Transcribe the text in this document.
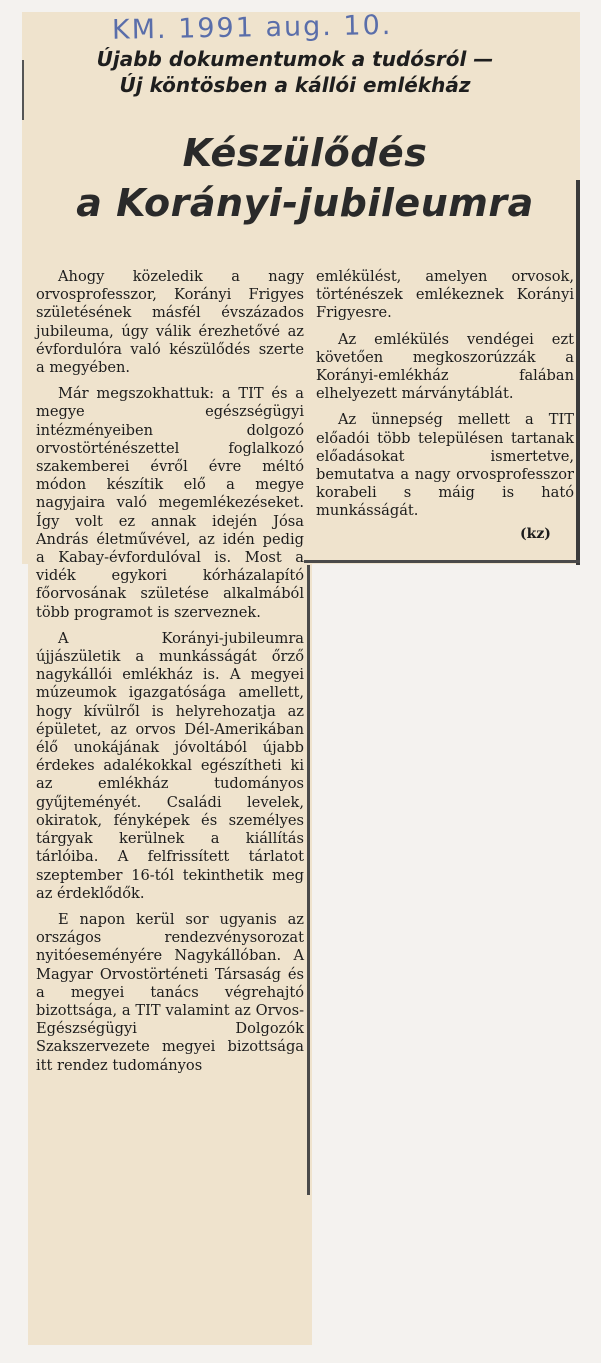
KM. 1991 aug. 10.
Újabb dokumentumok a tudósról —
Új köntösben a kállói emlékház
Készülődés
a Korányi-jubileumra

Ahogy közeledik a nagy orvosprofesszor, Korányi Frigyes születésének másfél évszázados jubileuma, úgy válik érezhetővé az évfordulóra való készülődés szerte a megyében.

Már megszokhattuk: a TIT és a megye egészségügyi intézményeiben dolgozó orvostörténészettel foglalkozó szakemberei évről évre méltó módon készítik elő a megye nagyjaira való megemlékezéseket. Így volt ez annak idején Jósa András életművével, az idén pedig a Kabay-évfordulóval is. Most a vidék egykori kórházalapító főorvosának születése alkalmából több programot is szerveznek.

A Korányi-jubileumra újjászületik a munkásságát őrző nagykállói emlékház is. A megyei múzeumok igazgatósága amellett, hogy kívülről is helyrehozatja az épületet, az orvos Dél-Amerikában élő unokájának jóvoltából újabb érdekes adalékokkal egészítheti ki az emlékház tudományos gyűjteményét. Családi levelek, okiratok, fényképek és személyes tárgyak kerülnek a kiállítás tárlóiba. A felfrissített tárlatot szeptember 16-tól tekinthetik meg az érdeklődők.

E napon kerül sor ugyanis az országos rendezvénysorozat nyitóeseményére Nagykállóban. A Magyar Orvostörténeti Társaság és a megyei tanács végrehajtó bizottsága, a TIT valamint az Orvos-Egészségügyi Dolgozók Szakszervezete megyei bizottsága itt rendez tudományos

emlékülést, amelyen orvosok, történészek emlékeznek Korányi Frigyesre.

Az emlékülés vendégei ezt követően megkoszorúzzák a Korányi-emlékház falában elhelyezett márványtáblát.

Az ünnepség mellett a TIT előadói több településen tartanak előadásokat ismertetve, bemutatva a nagy orvosprofesszor korabeli s máig is ható munkásságát.

(kz)
